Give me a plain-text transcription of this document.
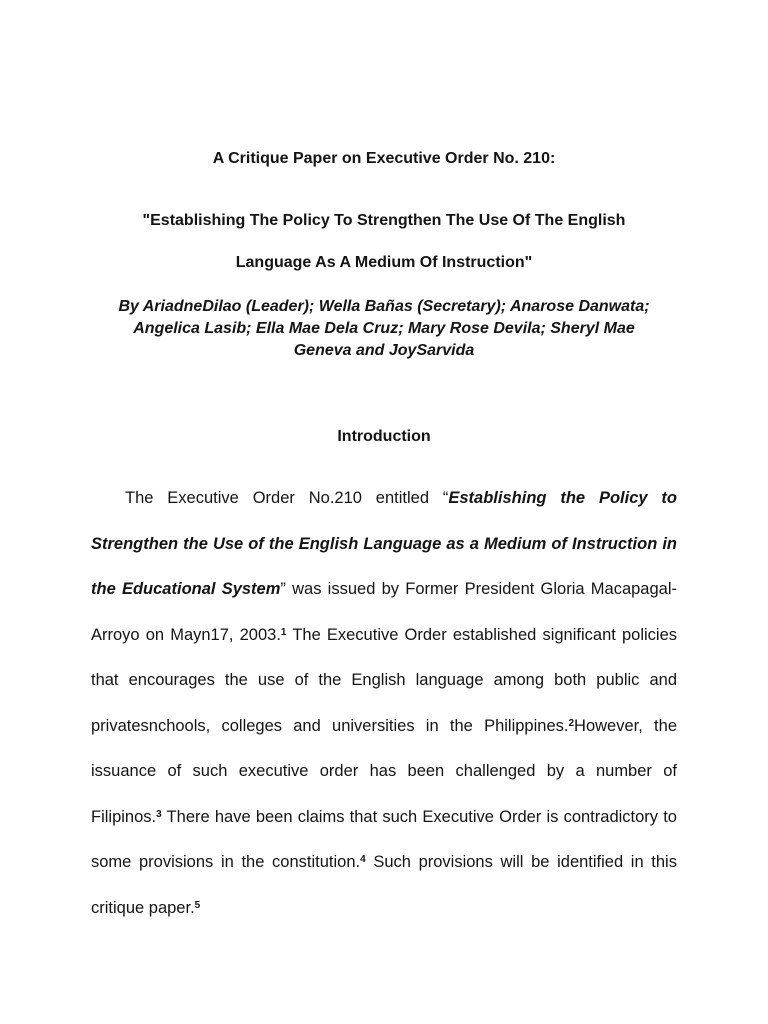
A Critique Paper on Executive Order No. 210:
"Establishing The Policy To Strengthen The Use Of The English
Language As A Medium Of Instruction"

By AriadneDilao (Leader); Wella Bañas (Secretary); Anarose Danwata;
Angelica Lasib; Ella Mae Dela Cruz; Mary Rose Devila; Sheryl Mae
Geneva and JoySarvida

Introduction

The Executive Order No.210 entitled “Establishing the Policy to Strengthen the Use of the English Language as a Medium of Instruction in the Educational System” was issued by Former President Gloria Macapagal-Arroyo on Mayn17, 2003.$^1$ The Executive Order established significant policies that encourages the use of the English language among both public and privatesnchools, colleges and universities in the Philippines.$^2$However, the issuance of such executive order has been challenged by a number of Filipinos.$^3$ There have been claims that such Executive Order is contradictory to some provisions in the constitution.$^4$ Such provisions will be identified in this critique paper.$^5$
